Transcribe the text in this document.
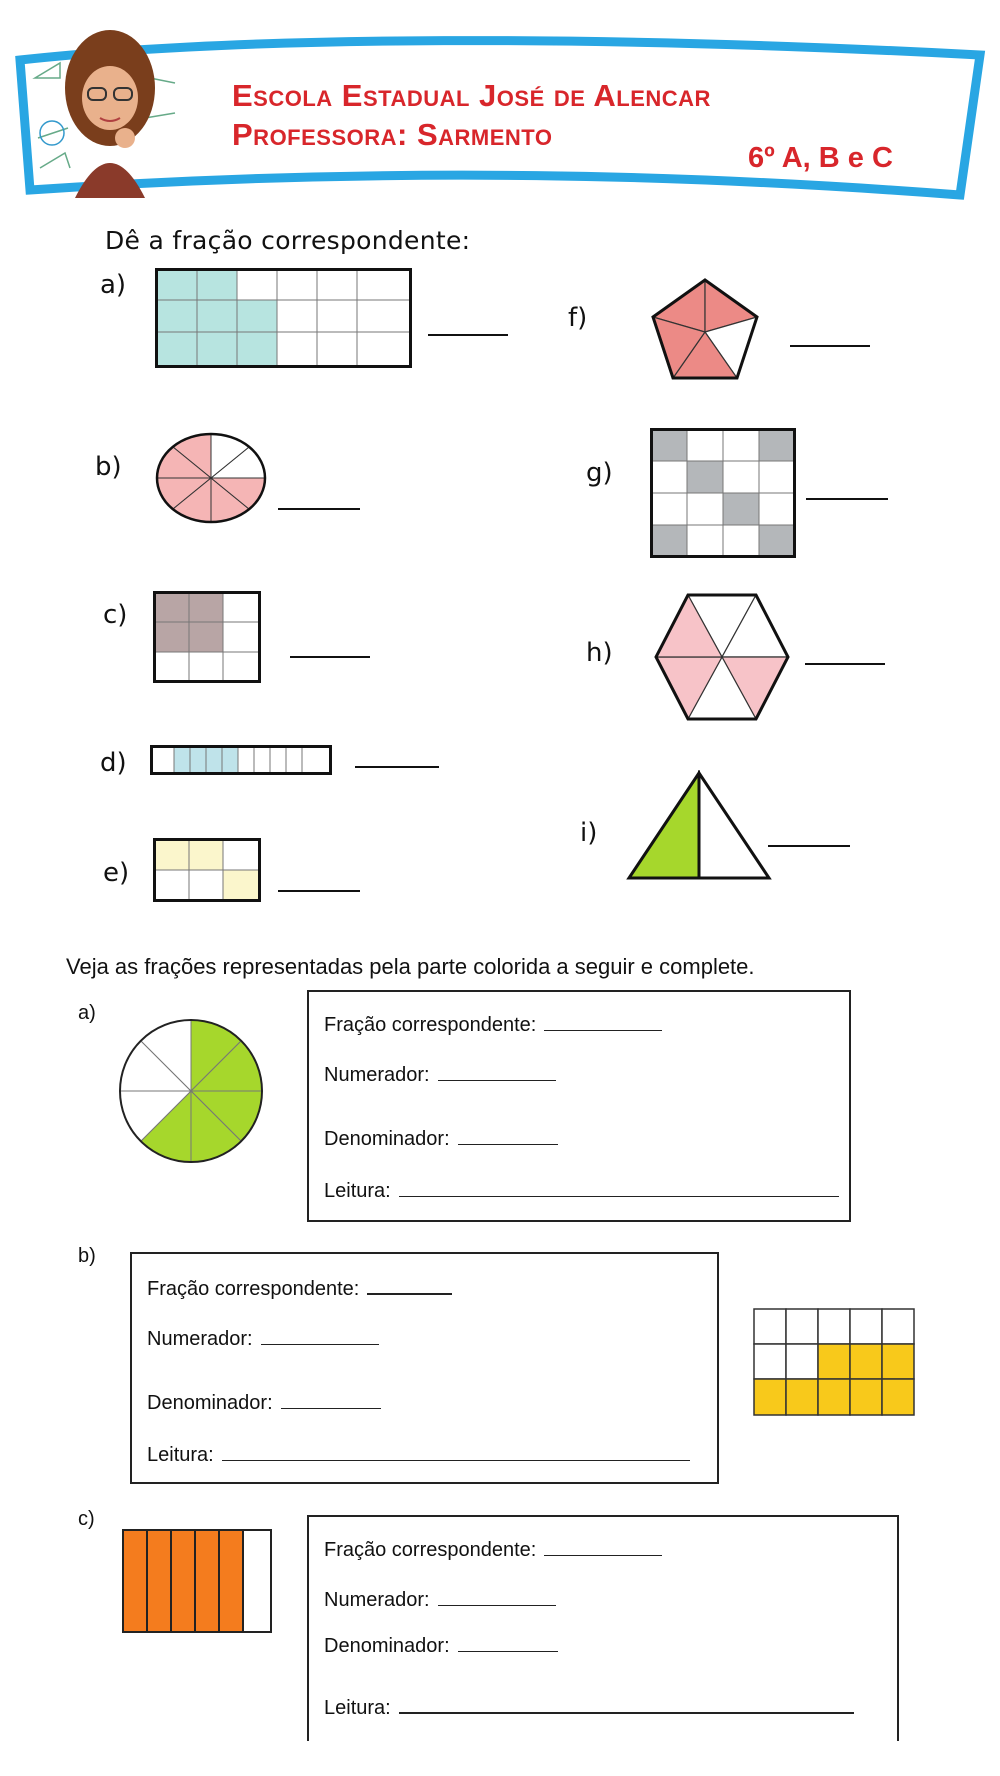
Escola Estadual José de Alencar
Professora: Sarmento
6º A, B e C
Dê a fração correspondente:
a)
b)
c)
d)
e)
f)
g)
h)
i)
Veja as frações representadas pela parte colorida a seguir e complete.
a)
Fração correspondente:
Numerador:
Denominador:
Leitura:
b)
Fração correspondente:
Numerador:
Denominador:
Leitura:
c)
Fração correspondente:
Numerador:
Denominador:
Leitura:
